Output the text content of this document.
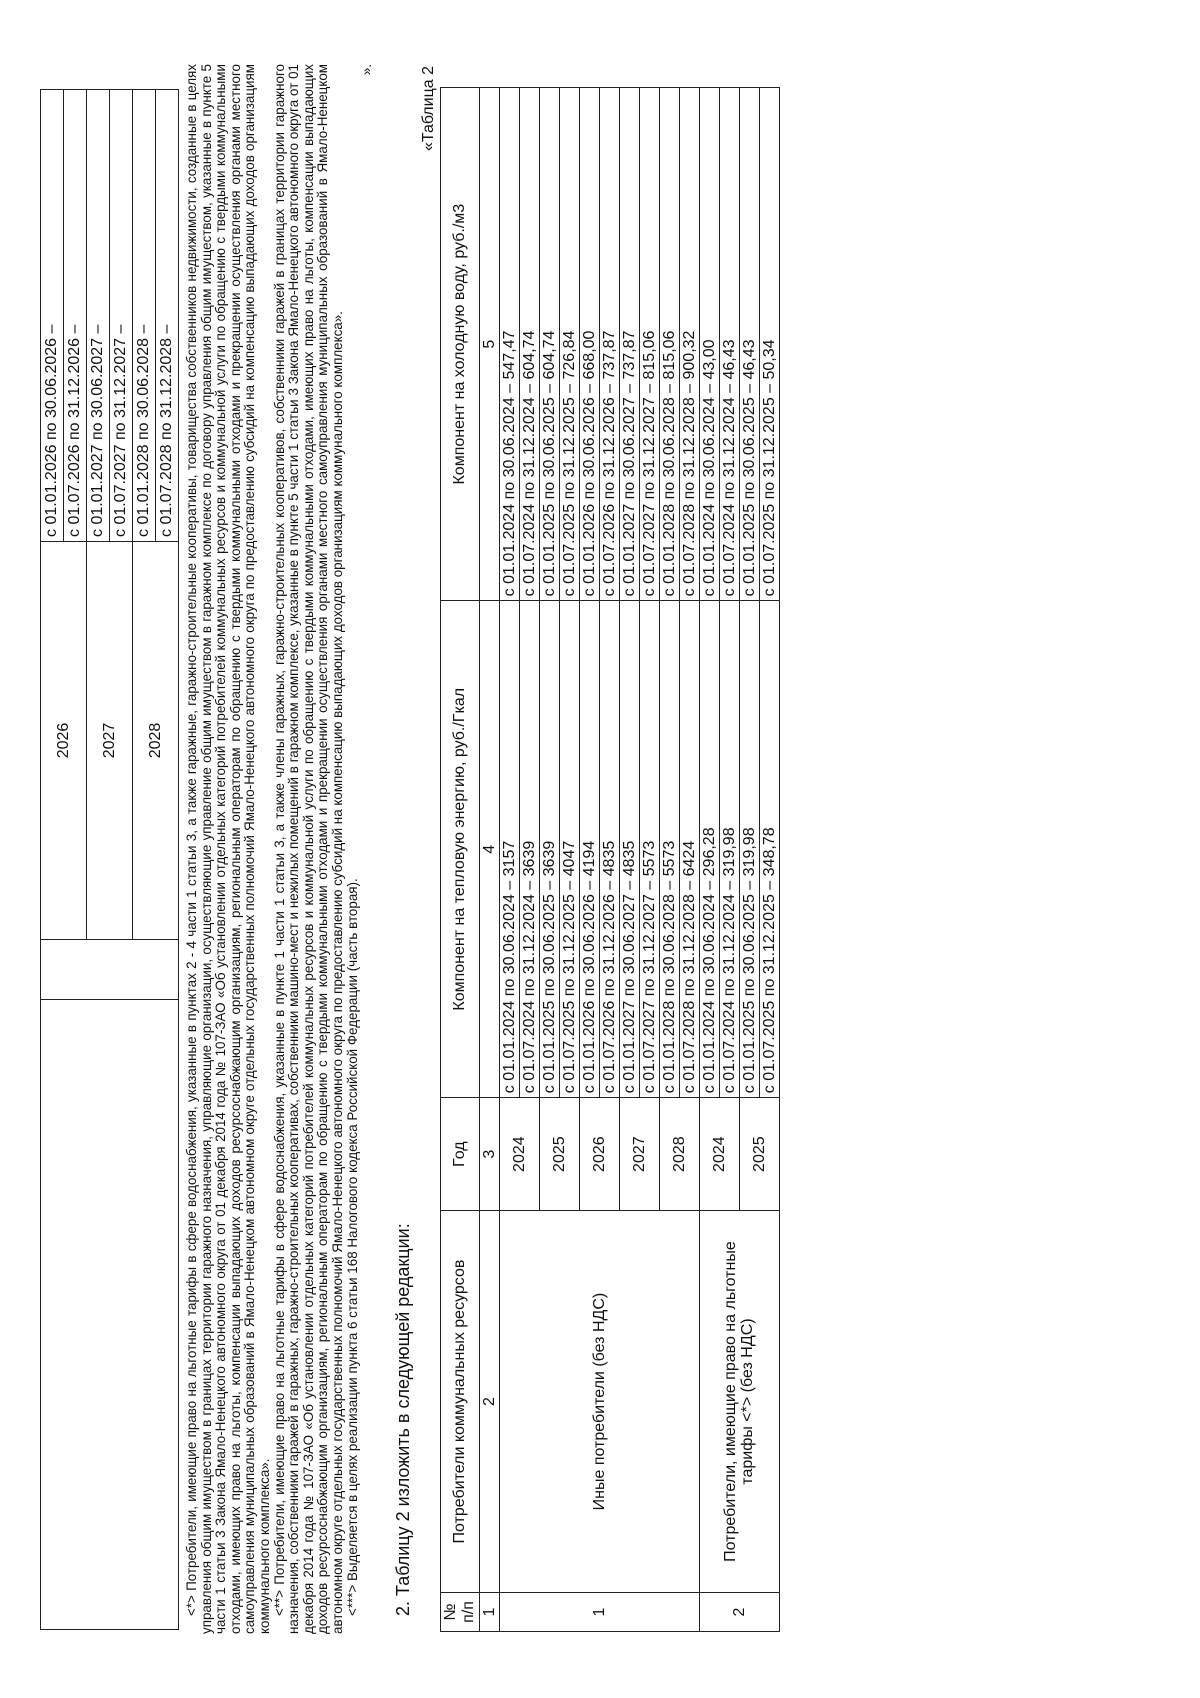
		2026	с 01.01.2026 по 30.06.2026 –
			с 01.07.2026 по 31.12.2026 –
		2027	с 01.01.2027 по 30.06.2027 –
			с 01.07.2027 по 31.12.2027 –
		2028	с 01.01.2028 по 30.06.2028 –
			с 01.07.2028 по 31.12.2028 – <*> Потребители, имеющие право на льготные тарифы в сфере водоснабжения, указанные в пунктах 2 - 4 части 1 статьи 3, а также гаражные, гаражно-строительные кооперативы, товарищества собственников недвижимости, созданные в целях управления общим имуществом в границах территории гаражного назначения, управляющие организации, осуществляющие управление общим имуществом в гаражном комплексе по договору управления общим имуществом, указанные в пункте 5 части 1 статьи 3 Закона Ямало-Ненецкого автономного округа от 01 декабря 2014 года № 107-ЗАО «Об установлении отдельных категорий потребителей коммунальных ресурсов и коммунальной услуги по обращению с твердыми коммунальными отходами, имеющих право на льготы, компенсации выпадающих доходов ресурсоснабжающим организациям, региональным операторам по обращению с твердыми коммунальными отходами и прекращении осуществления органами местного самоуправления муниципальных образований в Ямало-Ненецком автономном округе отдельных государственных полномочий Ямало-Ненецкого автономного округа по предоставлению субсидий на компенсацию выпадающих доходов организациям коммунального комплекса». <**> Потребители, имеющие право на льготные тарифы в сфере водоснабжения, указанные в пункте 1 части 1 статьи 3, а также члены гаражных, гаражно-строительных кооперативов, собственники гаражей в границах территории гаражного назначения, собственники гаражей в гаражных, гаражно-строительных кооперативах, собственники машино-мест и нежилых помещений в гаражном комплексе, указанные в пункте 5 части 1 статьи 3 Закона Ямало-Ненецкого автономного округа от 01 декабря 2014 года № 107-ЗАО «Об установлении отдельных категорий потребителей коммунальных ресурсов и коммунальной услуги по обращению с твердыми коммунальными отходами, имеющих право на льготы, компенсации выпадающих доходов ресурсоснабжающим организациям, региональным операторам по обращению с твердыми коммунальными отходами и прекращении осуществления органами местного самоуправления муниципальных образований в Ямало-Ненецком автономном округе отдельных государственных полномочий Ямало-Ненецкого автономного округа по предоставлению субсидий на компенсацию выпадающих доходов организациям коммунального комплекса». <***> Выделяется в целях реализации пункта 6 статьи 168 Налогового кодекса Российской Федерации (часть вторая).

».

2. Таблицу 2 изложить в следующей редакции:
«Таблица 2
№ п/п	Потребители коммунальных ресурсов	Год	Компонент на тепловую энергию, руб./Гкал	Компонент на холодную воду, руб./м3
1	2	3	4	5
1	Иные потребители (без НДС)	2024	с 01.01.2024 по 30.06.2024 – 3157	с 01.01.2024 по 30.06.2024 – 547,47
			с 01.07.2024 по 31.12.2024 – 3639	с 01.07.2024 по 31.12.2024 – 604,74
		2025	с 01.01.2025 по 30.06.2025 – 3639	с 01.01.2025 по 30.06.2025 – 604,74
			с 01.07.2025 по 31.12.2025 – 4047	с 01.07.2025 по 31.12.2025 – 726,84
		2026	с 01.01.2026 по 30.06.2026 – 4194	с 01.01.2026 по 30.06.2026 – 668,00
			с 01.07.2026 по 31.12.2026 – 4835	с 01.07.2026 по 31.12.2026 – 737,87
		2027	с 01.01.2027 по 30.06.2027 – 4835	с 01.01.2027 по 30.06.2027 – 737,87
			с 01.07.2027 по 31.12.2027 – 5573	с 01.07.2027 по 31.12.2027 – 815,06
		2028	с 01.01.2028 по 30.06.2028 – 5573	с 01.01.2028 по 30.06.2028 – 815,06
			с 01.07.2028 по 31.12.2028 – 6424	с 01.07.2028 по 31.12.2028 – 900,32
2	Потребители, имеющие право на льготные тарифы <*> (без НДС)	2024	с 01.01.2024 по 30.06.2024 – 296,28	с 01.01.2024 по 30.06.2024 – 43,00
			с 01.07.2024 по 31.12.2024 – 319,98	с 01.07.2024 по 31.12.2024 – 46,43
		2025	с 01.01.2025 по 30.06.2025 – 319,98	с 01.01.2025 по 30.06.2025 – 46,43
			с 01.07.2025 по 31.12.2025 – 348,78	с 01.07.2025 по 31.12.2025 – 50,34
